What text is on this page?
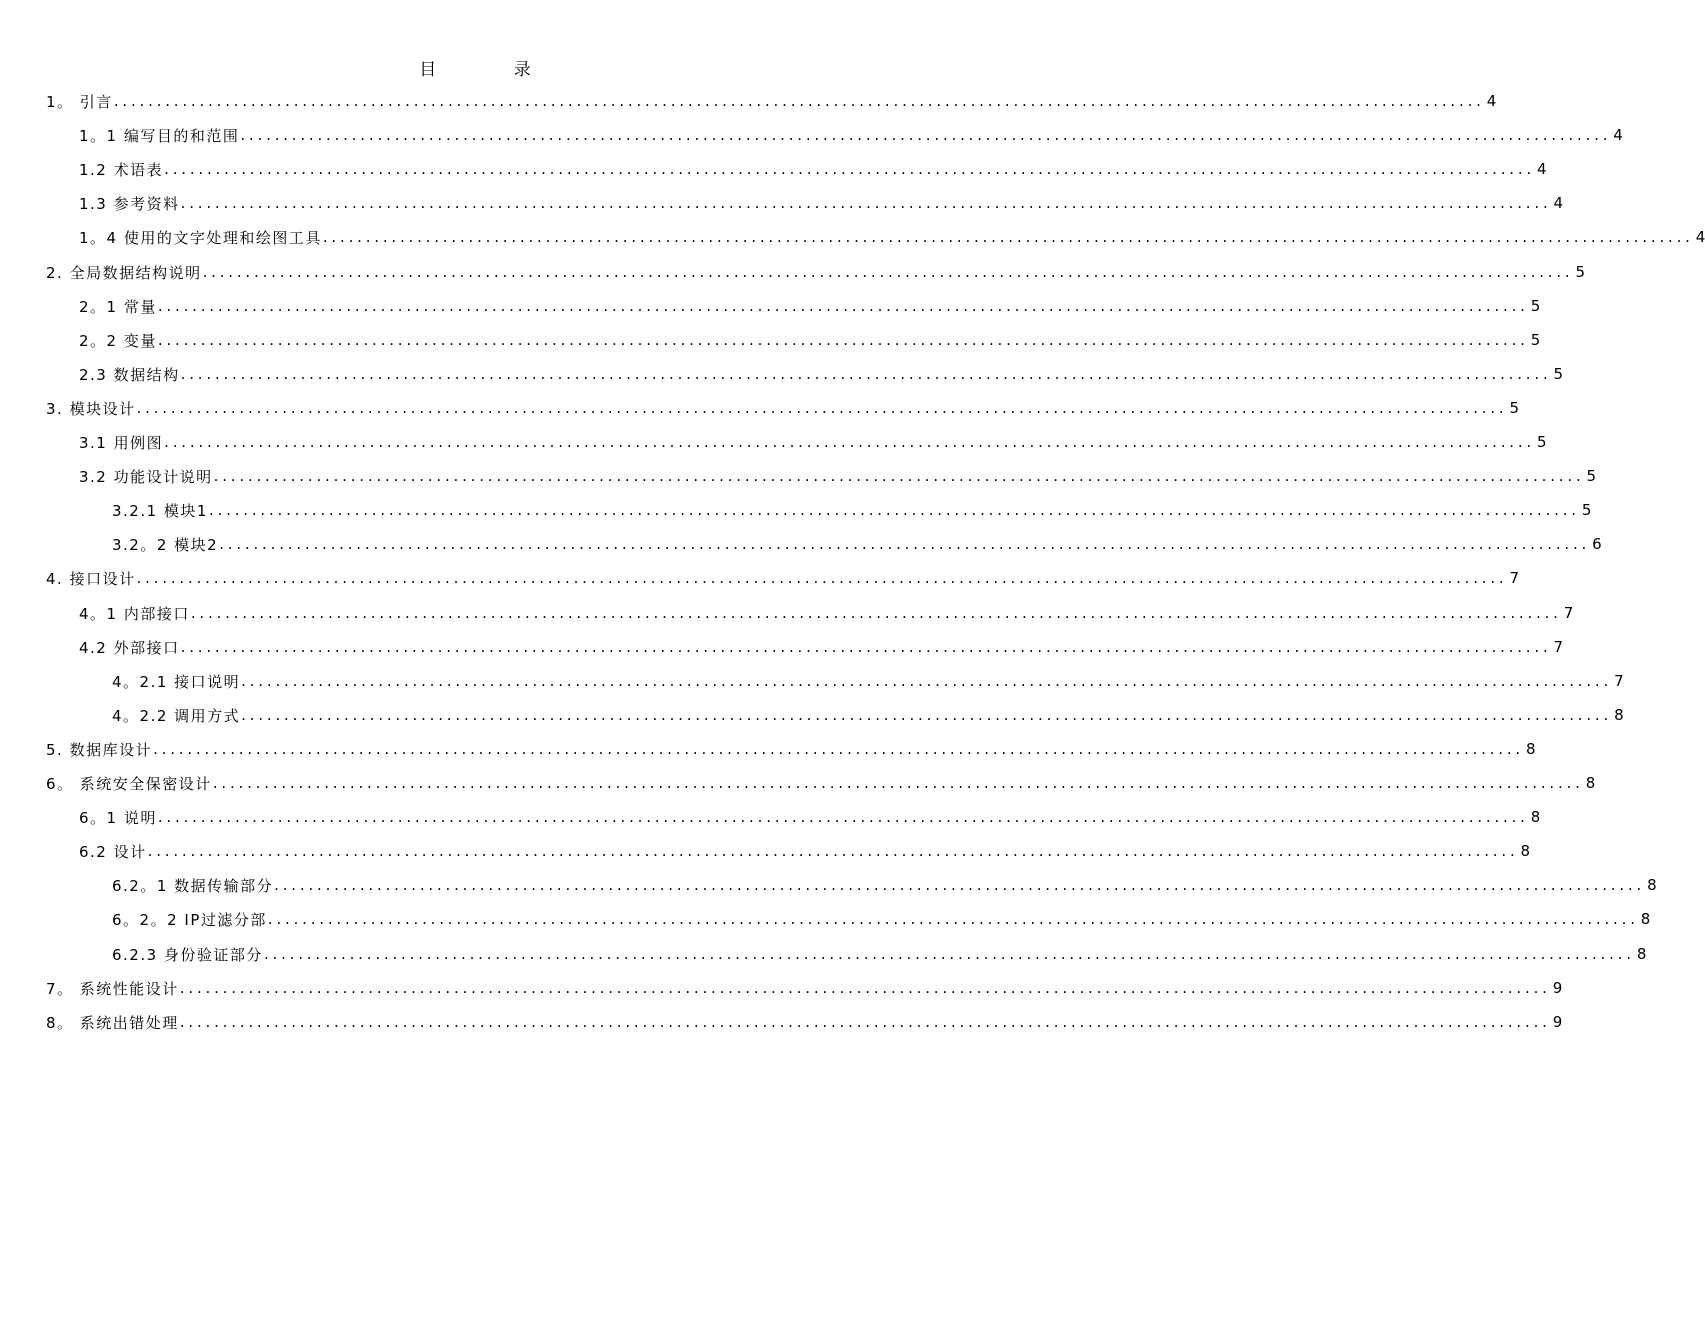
目 录
1。 引言 ................................................................................................................................................................ 4
1。1 编写目的和范围 ................................................................................................................................................................ 4
1.2 术语表 ................................................................................................................................................................ 4
1.3 参考资料 ................................................................................................................................................................ 4
1。4 使用的文字处理和绘图工具 ................................................................................................................................................................ 4
2. 全局数据结构说明 ................................................................................................................................................................ 5
2。1 常量 ................................................................................................................................................................ 5
2。2 变量 ................................................................................................................................................................ 5
2.3 数据结构 ................................................................................................................................................................ 5
3. 模块设计 ................................................................................................................................................................ 5
3.1 用例图 ................................................................................................................................................................ 5
3.2 功能设计说明 ................................................................................................................................................................ 5
3.2.1 模块1 ................................................................................................................................................................ 5
3.2。2 模块2 ................................................................................................................................................................ 6
4. 接口设计 ................................................................................................................................................................ 7
4。1 内部接口 ................................................................................................................................................................ 7
4.2 外部接口 ................................................................................................................................................................ 7
4。2.1 接口说明 ................................................................................................................................................................ 7
4。2.2 调用方式 ................................................................................................................................................................ 8
5. 数据库设计 ................................................................................................................................................................ 8
6。 系统安全保密设计 ................................................................................................................................................................ 8
6。1 说明 ................................................................................................................................................................ 8
6.2 设计 ................................................................................................................................................................ 8
6.2。1 数据传输部分 ................................................................................................................................................................ 8
6。2。2 IP过滤分部 ................................................................................................................................................................ 8
6.2.3 身份验证部分 ................................................................................................................................................................ 8
7。 系统性能设计 ................................................................................................................................................................ 9
8。 系统出错处理 ................................................................................................................................................................ 9
